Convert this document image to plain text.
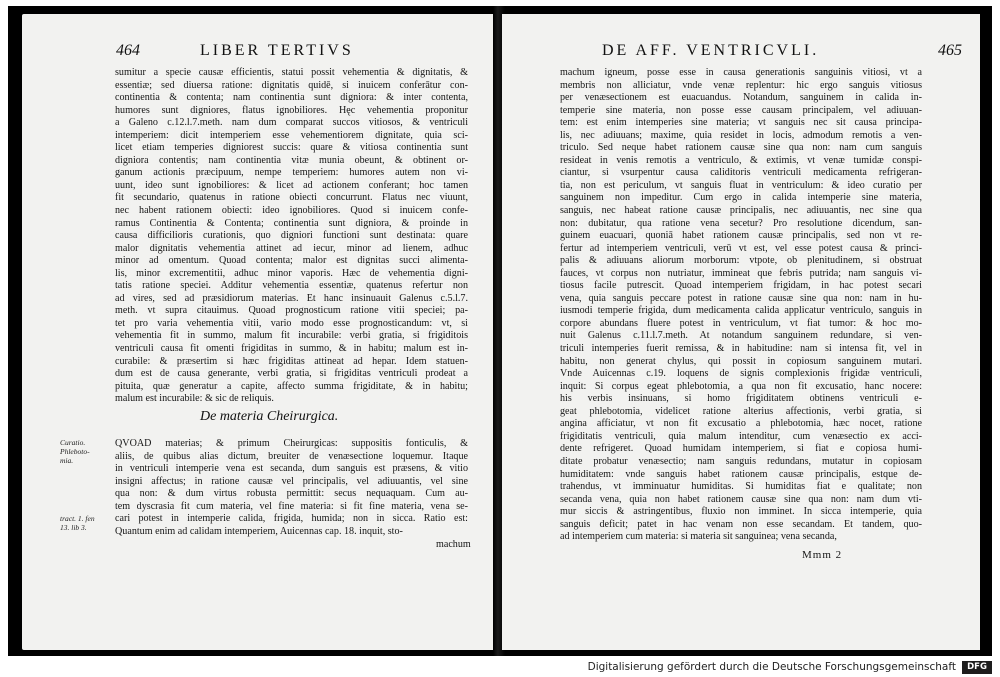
464	LIBER TERTIVS
sumitur a specie causæ efficientis, statui possit vehementia & dignitatis, &
essentiæ; sed diuersa ratione: dignitatis quidē, si inuicem conferātur con-
continentia & contenta; nam continentia sunt digniora: & inter contenta,
humores sunt digniores, flatus ignobiliores. Hęc vehementia proponitur
a Galeno c.12.l.7.meth. nam dum comparat succos vitiosos, & ventriculi
intemperiem: dicit intemperiem esse vehementiorem dignitate, quia sci-
licet etiam temperies digniorest succis: quare & vitiosa continentia sunt
digniora contentis; nam continentia vitæ munia obeunt, & obtinent or-
ganum actionis præcipuum, nempe temperiem: humores autem non vi-
uunt, ideo sunt ignobiliores: & licet ad actionem conferant; hoc tamen
fit secundario, quatenus in ratione obiecti concurrunt. Flatus nec viuunt,
nec habent rationem obiecti: ideo ignobiliores. Quod si inuicem confe-
ramus Continentia & Contenta; continentia sunt digniora, & proinde in
causa difficilioris curationis, quo digniori functioni sunt destinata: quare
malor dignitatis vehementia attinet ad iecur, minor ad lienem, adhuc
minor ad omentum. Quoad contenta; malor est dignitas succi alimenta-
lis, minor excrementitii, adhuc minor vaporis. Hæc de vehementia digni-
tatis ratione speciei. Additur vehementia essentiæ, quatenus refertur non
ad vires, sed ad præsidiorum materias. Et hanc insinuauit Galenus c.5.l.7.
meth. vt supra citauimus. Quoad prognosticum ratione vitii speciei; pa-
tet pro varia vehementia vitii, vario modo esse prognosticandum: vt, si
vehementia fit in summo, malum fit incurabile: verbi gratia, si frigiditois
ventriculi causa fit omenti frigiditas in summo, & in habitu; malum est in-
curabile: & præsertim si hæc frigiditas attineat ad hepar. Idem statuen-
dum est de causa generante, verbi gratia, si frigiditas ventriculi prodeat a
pituita, quæ generatur a capite, affecto summa frigiditate, & in habitu;
malum est incurabile: & sic de reliquis.
De materia Cheirurgica.
Curatio.
Phleboto-
mia.
QVOAD materias; & primum Cheirurgicas: suppositis fonticulis, &
aliis, de quibus alias dictum, breuiter de venæsectione loquemur. Itaque
in ventriculi intemperie vena est secanda, dum sanguis est præsens, & vitio
insigni affectus; in ratione causæ vel principalis, vel adiuuantis, vel sine
qua non: & dum virtus robusta permittit: secus nequaquam. Cum au-
tem dyscrasia fit cum materia, vel fine materia: si fit fine materia, vena se-
cari potest in intemperie calida, frigida, humida; non in sicca. Ratio est:
Quantum enim ad calidam intemperiem, Auicennas cap. 18. inquit, sto-
tract. 1. fen
13. lib 3.
machum
DE AFF. VENTRICVLI.	465
machum igneum, posse esse in causa generationis sanguinis vitiosi, vt a
membris non alliciatur, vnde venæ replentur: hic ergo sanguis vitiosus
per venæsectionem est euacuandus. Notandum, sanguinem in calida in-
temperie sine materia, non posse esse causam principalem, vel adiuuan-
tem: est enim intemperies sine materia; vt sanguis nec sit causa principa-
lis, nec adiuuans; maxime, quia residet in locis, admodum remotis a ven-
triculo. Sed neque habet rationem causæ sine qua non: nam cum sanguis
resideat in venis remotis a ventriculo, & extimis, vt venæ tumidæ conspi-
ciantur, si vsurpentur causa caliditoris ventriculi medicamenta refrigeran-
tia, non est periculum, vt sanguis fluat in ventriculum: & ideo curatio per
sanguinem non impeditur. Cum ergo in calida intemperie sine materia,
sanguis, nec habeat ratione causæ principalis, nec adiuuantis, nec sine qua
non: dubitatur, qua ratione vena secetur? Pro resolutione dicendum, san-
guinem euacuari, quoniā habet rationem causæ principalis, sed non vt re-
fertur ad intemperiem ventriculi, verū vt est, vel esse potest causa & princi-
palis & adiuuans aliorum morborum: vtpote, ob plenitudinem, si obstruat
fauces, vt corpus non nutriatur, immineat que febris putrida; nam sanguis vi-
tiosus facile putrescit. Quoad intemperiem frigidam, in hac potest secari
vena, quia sanguis peccare potest in ratione causæ sine qua non: nam in hu-
iusmodi temperie frigida, dum medicamenta calida applicatur ventriculo, sanguis in
corpore abundans fluere potest in ventriculum, vt fiat tumor: & hoc mo-
nuit Galenus c.11.l.7.meth. At notandum sanguinem redundare, si ven-
triculi intemperies fuerit remissa, & in habitudine: nam si intensa fit, vel in
habitu, non generat chylus, qui possit in copiosum sanguinem mutari.
Vnde Auicennas c.19. loquens de signis complexionis frigidæ ventriculi,
inquit: Si corpus egeat phlebotomia, a qua non fit excusatio, hanc nocere:
his verbis insinuans, si homo frigiditatem obtinens ventriculi e-
geat phlebotomia, videlicet ratione alterius affectionis, verbi gratia, si
angina afficiatur, vt non fit excusatio a phlebotomia, hæc nocet, ratione
frigiditatis ventriculi, quia malum intenditur, cum venæsectio ex acci-
dente refrigeret. Quoad humidam intemperiem, si fiat e copiosa humi-
ditate probatur venæsectio; nam sanguis redundans, mutatur in copiosam
humiditatem: vnde sanguis habet rationem causæ principalis, estque de-
trahendus, vt imminuatur humiditas. Si humiditas fiat e qualitate; non
secanda vena, quia non habet rationem causæ sine qua non: nam dum vti-
mur siccis & astringentibus, fluxio non imminet. In sicca intemperie, quia
sanguis deficit; patet in hac venam non esse secandam. Et tandem, quo-
ad intemperiem cum materia: si materia sit sanguinea; vena secanda,
Mmm 2
Digitalisierung gefördert durch die Deutsche Forschungsgemeinschaft	DFG
